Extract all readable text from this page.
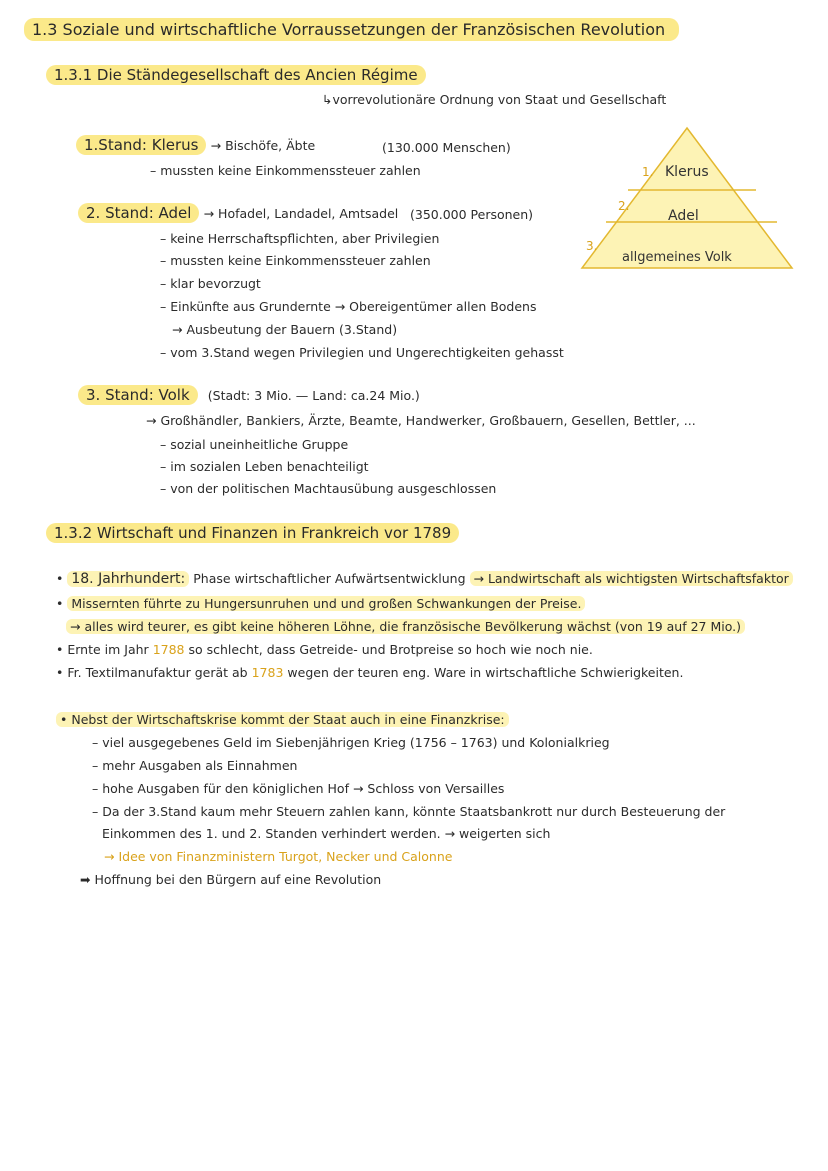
1.3 Soziale und wirtschaftliche Vorraussetzungen der Französischen Revolution
1.3.1 Die Ständegesellschaft des Ancien Régime
↳vorrevolutionäre Ordnung von Staat und Gesellschaft
1.Stand: Klerus → Bischöfe, Äbte	(130.000 Menschen)
– mussten keine Einkommenssteuer zahlen
2. Stand: Adel → Hofadel, Landadel, Amtsadel (350.000 Personen)
– keine Herrschaftspflichten, aber Privilegien
– mussten keine Einkommenssteuer zahlen
– klar bevorzugt
– Einkünfte aus Grundernte → Obereigentümer allen Bodens
→ Ausbeutung der Bauern (3.Stand)
– vom 3.Stand wegen Privilegien und Ungerechtigkeiten gehasst
1. Klerus
2.
Adel
3.
allgemeines Volk
3. Stand: Volk (Stadt: 3 Mio. — Land: ca.24 Mio.)
→ Großhändler, Bankiers, Ärzte, Beamte, Handwerker, Großbauern, Gesellen, Bettler, ...
– sozial uneinheitliche Gruppe
– im sozialen Leben benachteiligt
– von der politischen Machtausübung ausgeschlossen
1.3.2 Wirtschaft und Finanzen in Frankreich vor 1789
• 18. Jahrhundert: Phase wirtschaftlicher Aufwärtsentwicklung → Landwirtschaft als wichtigsten Wirtschaftsfaktor
• Missernten führte zu Hungersunruhen und und großen Schwankungen der Preise.
→ alles wird teurer, es gibt keine höheren Löhne, die französische Bevölkerung wächst (von 19 auf 27 Mio.)
• Ernte im Jahr 1788 so schlecht, dass Getreide- und Brotpreise so hoch wie noch nie.
• Fr. Textilmanufaktur gerät ab 1783 wegen der teuren eng. Ware in wirtschaftliche Schwierigkeiten.
• Nebst der Wirtschaftskrise kommt der Staat auch in eine Finanzkrise:
– viel ausgegebenes Geld im Siebenjährigen Krieg (1756 – 1763) und Kolonialkrieg
– mehr Ausgaben als Einnahmen
– hohe Ausgaben für den königlichen Hof → Schloss von Versailles
– Da der 3.Stand kaum mehr Steuern zahlen kann, könnte Staatsbankrott nur durch Besteuerung der
Einkommen des 1. und 2. Standen verhindert werden. → weigerten sich
→ Idee von Finanzministern Turgot, Necker und Calonne
➡ Hoffnung bei den Bürgern auf eine Revolution
